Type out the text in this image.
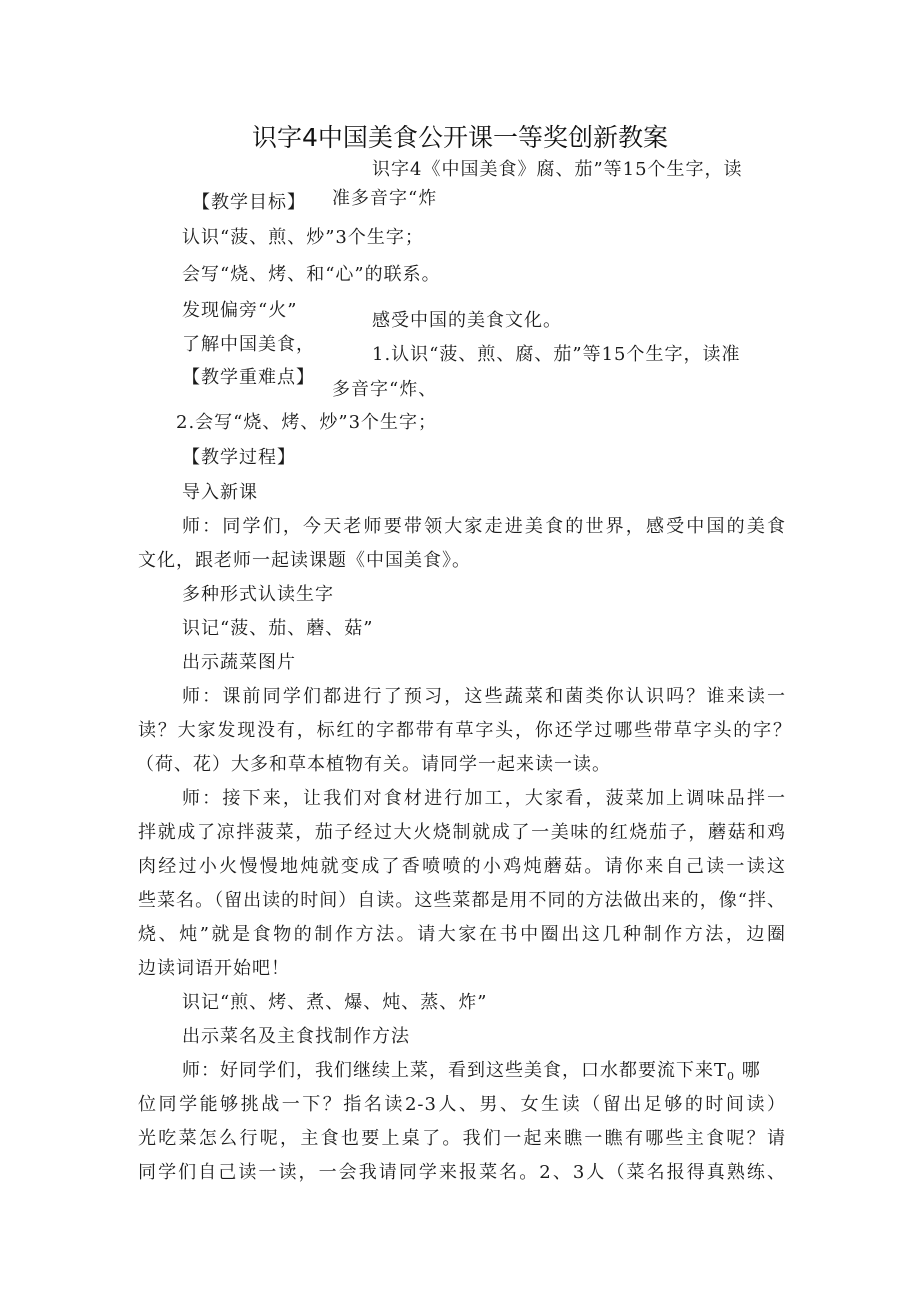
识字4中国美食公开课一等奖创新教案
识字4《中国美食》腐、茄”等15个生字，读
【教学目标】 准多音字“炸
认识“菠、煎、炒”3个生字；
会写“烧、烤、和“心”的联系。
发现偏旁“火”	感受中国的美食文化。
了解中国美食，	1.认识“菠、煎、腐、茄”等15个生字，读准
【教学重难点】
多音字“炸、
2.会写“烧、烤、炒”3个生字；
【教学过程】
导入新课
师：同学们，今天老师要带领大家走进美食的世界，感受中国的美食
文化，跟老师一起读课题《中国美食》。
多种形式认读生字
识记“菠、茄、蘑、菇”
出示蔬菜图片
师：课前同学们都进行了预习，这些蔬菜和菌类你认识吗？谁来读一
读？大家发现没有，标红的字都带有草字头，你还学过哪些带草字头的字？
（荷、花）大多和草本植物有关。请同学一起来读一读。
师：接下来，让我们对食材进行加工，大家看，菠菜加上调味品拌一
拌就成了凉拌菠菜，茄子经过大火烧制就成了一美味的红烧茄子，蘑菇和鸡
肉经过小火慢慢地炖就变成了香喷喷的小鸡炖蘑菇。请你来自己读一读这
些菜名。（留出读的时间）自读。这些菜都是用不同的方法做出来的，像“拌、
烧、炖”就是食物的制作方法。请大家在书中圈出这几种制作方法，边圈
边读词语开始吧！
识记“煎、烤、煮、爆、炖、蒸、炸”
出示菜名及主食找制作方法
师：好同学们，我们继续上菜，看到这些美食，口水都要流下来$T_0$ 哪
位同学能够挑战一下？指名读2-3人、男、女生读（留出足够的时间读）
光吃菜怎么行呢，主食也要上桌了。我们一起来瞧一瞧有哪些主食呢？请
同学们自己读一读，一会我请同学来报菜名。2、3人（菜名报得真熟练、
